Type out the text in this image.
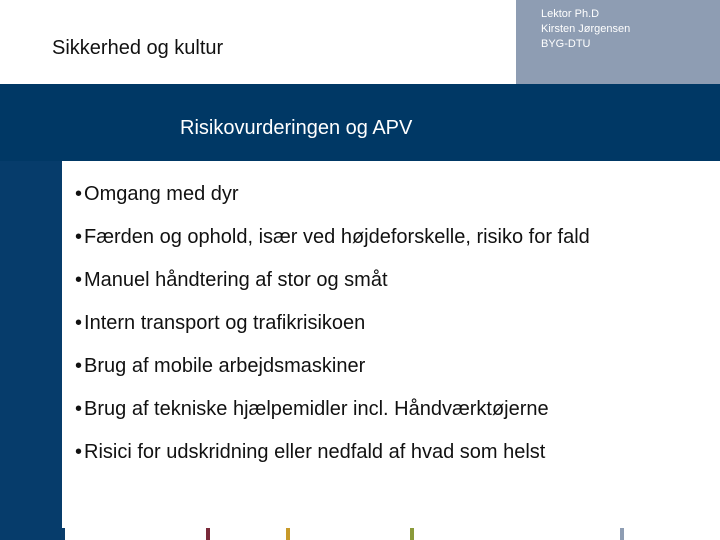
Sikkerhed og kultur
Lektor Ph.D
Kirsten Jørgensen
BYG-DTU
Risikovurderingen og APV
• Omgang med dyr
• Færden og ophold, især ved højdeforskelle, risiko for fald
• Manuel håndtering af stor og småt
• Intern transport og trafikrisikoen
• Brug af mobile arbejdsmaskiner
• Brug af tekniske hjælpemidler incl. Håndværktøjerne
• Risici for udskridning eller nedfald af hvad som helst
